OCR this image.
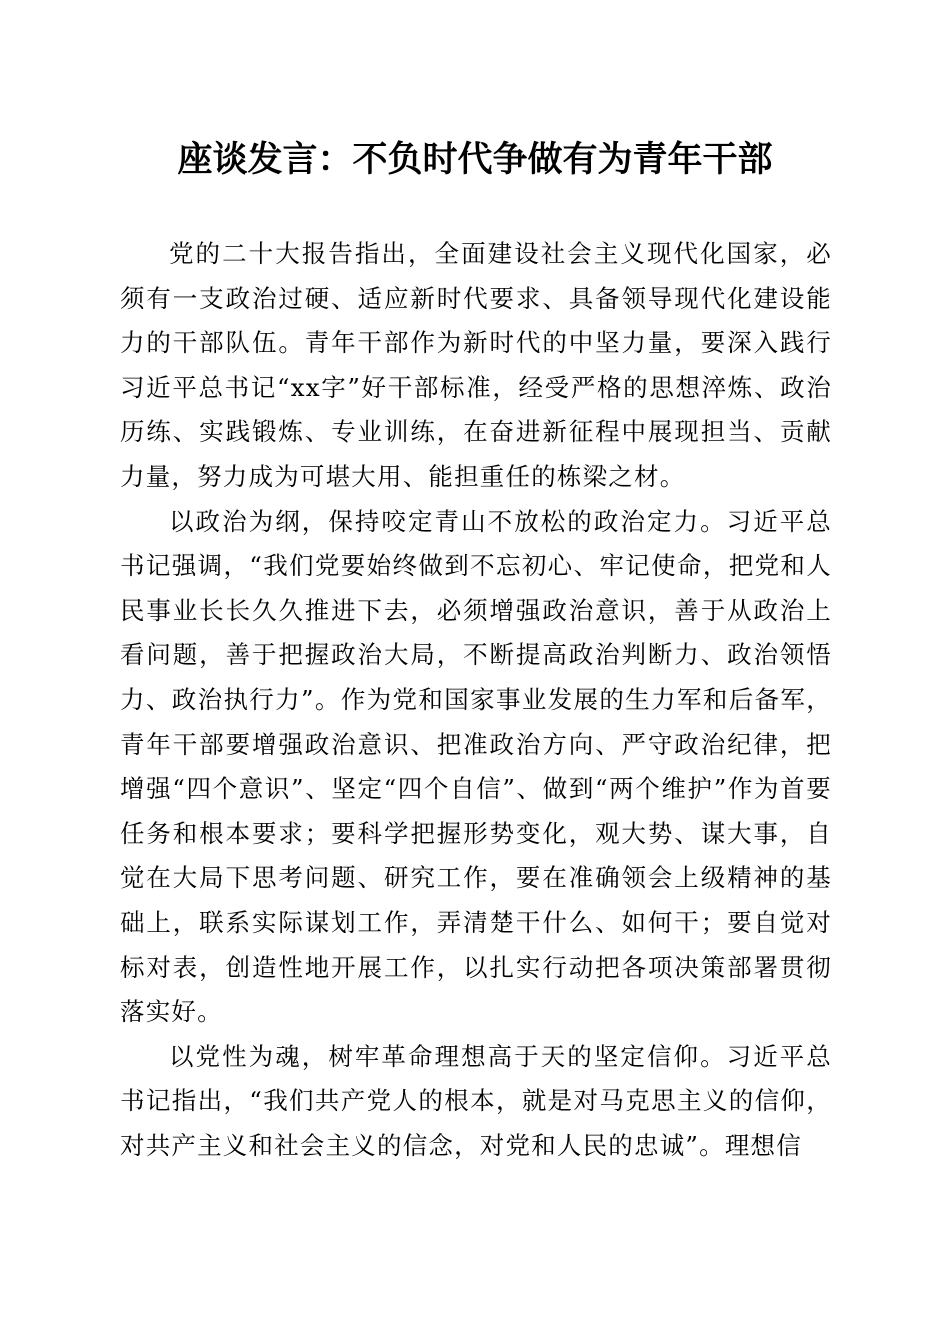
座谈发言：不负时代争做有为青年干部

党的二十大报告指出，全面建设社会主义现代化国家，必须有一支政治过硬、适应新时代要求、具备领导现代化建设能力的干部队伍。青年干部作为新时代的中坚力量，要深入践行习近平总书记“xx字”好干部标准，经受严格的思想淬炼、政治历练、实践锻炼、专业训练，在奋进新征程中展现担当、贡献力量，努力成为可堪大用、能担重任的栋梁之材。

以政治为纲，保持咬定青山不放松的政治定力。习近平总书记强调，“我们党要始终做到不忘初心、牢记使命，把党和人民事业长长久久推进下去，必须增强政治意识，善于从政治上看问题，善于把握政治大局，不断提高政治判断力、政治领悟力、政治执行力”。作为党和国家事业发展的生力军和后备军，青年干部要增强政治意识、把准政治方向、严守政治纪律，把增强“四个意识”、坚定“四个自信”、做到“两个维护”作为首要任务和根本要求；要科学把握形势变化，观大势、谋大事，自觉在大局下思考问题、研究工作，要在准确领会上级精神的基础上，联系实际谋划工作，弄清楚干什么、如何干；要自觉对标对表，创造性地开展工作，以扎实行动把各项决策部署贯彻落实好。

以党性为魂，树牢革命理想高于天的坚定信仰。习近平总书记指出，“我们共产党人的根本，就是对马克思主义的信仰，对共产主义和社会主义的信念，对党和人民的忠诚”。理想信
